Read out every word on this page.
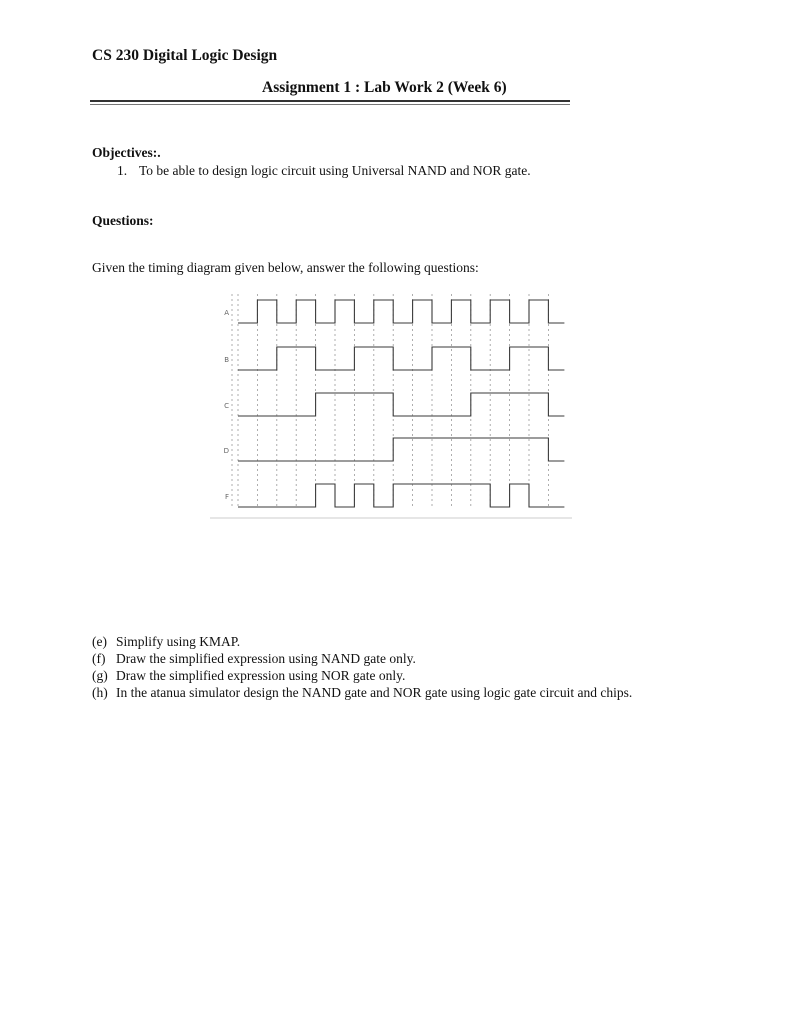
CS 230 Digital Logic Design
Assignment 1 : Lab Work 2 (Week 6)
Objectives:.
1. To be able to design logic circuit using Universal NAND and NOR gate.
Questions:
Given the timing diagram given below, answer the following questions:
A
B
C
D
F
(e) Simplify using KMAP.
(f) Draw the simplified expression using NAND gate only.
(g) Draw the simplified expression using NOR gate only.
(h) In the atanua simulator design the NAND gate and NOR gate using logic gate circuit and chips.
